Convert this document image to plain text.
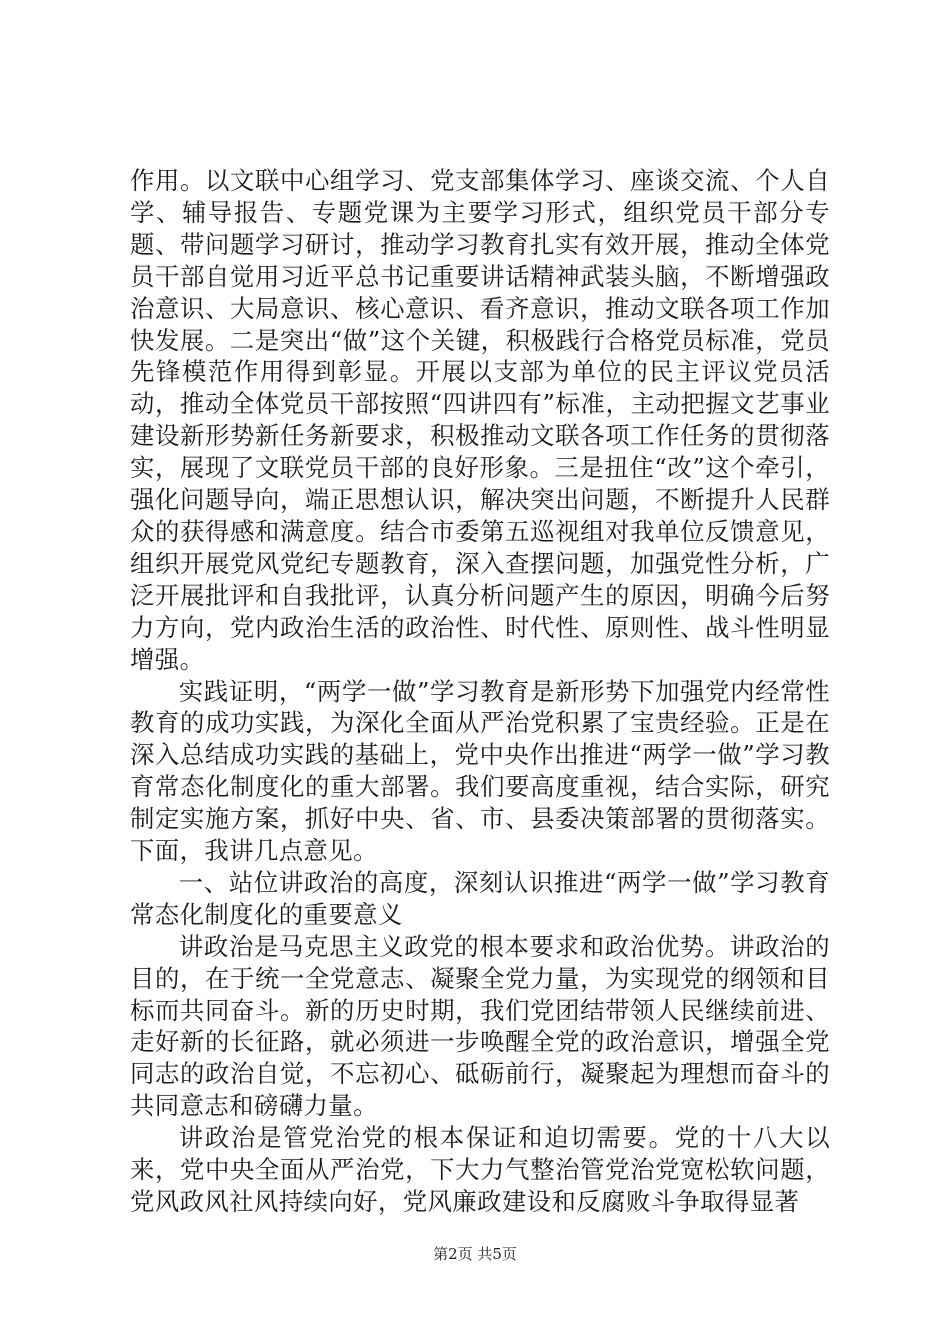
作用。以文联中心组学习、党支部集体学习、座谈交流、个人自学、辅导报告、专题党课为主要学习形式，组织党员干部分专题、带问题学习研讨，推动学习教育扎实有效开展，推动全体党员干部自觉用习近平总书记重要讲话精神武装头脑，不断增强政治意识、大局意识、核心意识、看齐意识，推动文联各项工作加快发展。二是突出“做”这个关键，积极践行合格党员标准，党员先锋模范作用得到彰显。开展以支部为单位的民主评议党员活动，推动全体党员干部按照“四讲四有”标准，主动把握文艺事业建设新形势新任务新要求，积极推动文联各项工作任务的贯彻落实，展现了文联党员干部的良好形象。三是扭住“改”这个牵引，强化问题导向，端正思想认识，解决突出问题，不断提升人民群众的获得感和满意度。结合市委第五巡视组对我单位反馈意见，组织开展党风党纪专题教育，深入查摆问题，加强党性分析，广泛开展批评和自我批评，认真分析问题产生的原因，明确今后努力方向，党内政治生活的政治性、时代性、原则性、战斗性明显增强。

实践证明，“两学一做”学习教育是新形势下加强党内经常性教育的成功实践，为深化全面从严治党积累了宝贵经验。正是在深入总结成功实践的基础上，党中央作出推进“两学一做”学习教育常态化制度化的重大部署。我们要高度重视，结合实际，研究制定实施方案，抓好中央、省、市、县委决策部署的贯彻落实。下面，我讲几点意见。

一、站位讲政治的高度，深刻认识推进“两学一做”学习教育常态化制度化的重要意义

讲政治是马克思主义政党的根本要求和政治优势。讲政治的目的，在于统一全党意志、凝聚全党力量，为实现党的纲领和目标而共同奋斗。新的历史时期，我们党团结带领人民继续前进、走好新的长征路，就必须进一步唤醒全党的政治意识，增强全党同志的政治自觉，不忘初心、砥砺前行，凝聚起为理想而奋斗的共同意志和磅礴力量。

讲政治是管党治党的根本保证和迫切需要。党的十八大以来，党中央全面从严治党，下大力气整治管党治党宽松软问题，党风政风社风持续向好，党风廉政建设和反腐败斗争取得显著

第2页 共5页
